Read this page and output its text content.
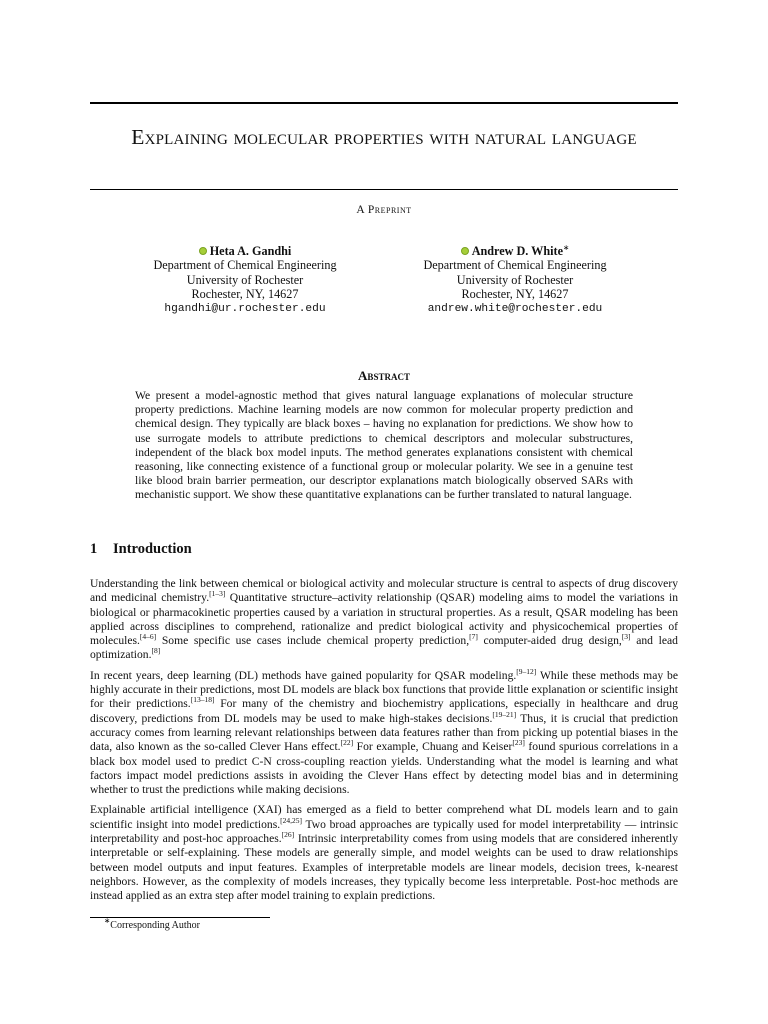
Explaining molecular properties with natural language
A Preprint
Heta A. Gandhi
Department of Chemical Engineering
University of Rochester
Rochester, NY, 14627
hgandhi@ur.rochester.edu
Andrew D. White∗
Department of Chemical Engineering
University of Rochester
Rochester, NY, 14627
andrew.white@rochester.edu
Abstract
We present a model-agnostic method that gives natural language explanations of molecular structure property predictions. Machine learning models are now common for molecular property prediction and chemical design. They typically are black boxes – having no explanation for predictions. We show how to use surrogate models to attribute predictions to chemical descriptors and molecular substructures, independent of the black box model inputs. The method generates explanations consistent with chemical reasoning, like connecting existence of a functional group or molecular polarity. We see in a genuine test like blood brain barrier permeation, our descriptor explanations match biologically observed SARs with mechanistic support. We show these quantitative explanations can be further translated to natural language.
1 Introduction

Understanding the link between chemical or biological activity and molecular structure is central to aspects of drug discovery and medicinal chemistry.[1–3] Quantitative structure–activity relationship (QSAR) modeling aims to model the variations in biological or pharmacokinetic properties caused by a variation in structural properties. As a result, QSAR modeling has been applied across disciplines to comprehend, rationalize and predict biological activity and physicochemical properties of molecules.[4–6] Some specific use cases include chemical property prediction,[7] computer-aided drug design,[3] and lead optimization.[8]

In recent years, deep learning (DL) methods have gained popularity for QSAR modeling.[9–12] While these methods may be highly accurate in their predictions, most DL models are black box functions that provide little explanation or scientific insight for their predictions.[13–18] For many of the chemistry and biochemistry applications, especially in healthcare and drug discovery, predictions from DL models may be used to make high-stakes decisions.[19–21] Thus, it is crucial that prediction accuracy comes from learning relevant relationships between data features rather than from picking up potential biases in the data, also known as the so-called Clever Hans effect.[22] For example, Chuang and Keiser[23] found spurious correlations in a black box model used to predict C-N cross-coupling reaction yields. Understanding what the model is learning and what factors impact model predictions assists in avoiding the Clever Hans effect by detecting model bias and in determining whether to trust the predictions while making decisions.

Explainable artificial intelligence (XAI) has emerged as a field to better comprehend what DL models learn and to gain scientific insight into model predictions.[24,25] Two broad approaches are typically used for model interpretability — intrinsic interpretability and post-hoc approaches.[26] Intrinsic interpretability comes from using models that are considered inherently interpretable or self-explaining. These models are generally simple, and model weights can be used to draw relationships between model outputs and input features. Examples of interpretable models are linear models, decision trees, k-nearest neighbors. However, as the complexity of models increases, they typically become less interpretable. Post-hoc methods are instead applied as an extra step after model training to explain predictions.

∗Corresponding Author
